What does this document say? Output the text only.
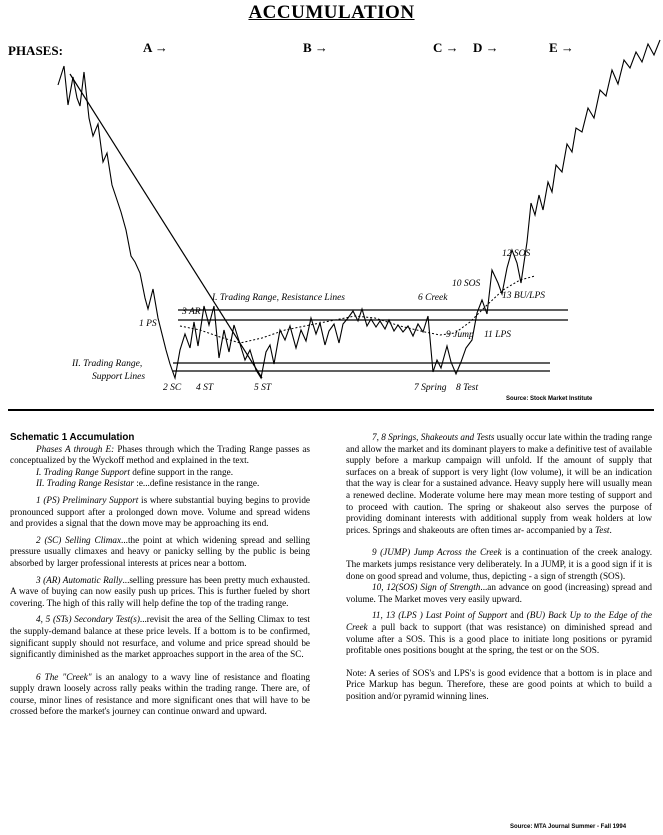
ACCUMULATION
PHASES:	A →	B →	C → D →	E →
1 PS
3 AR
I. Trading Range, Resistance Lines	6 Creek
10 SOS
12 SOS
13 BU/LPS
9 Jump 11 LPS
II. Trading Range,
Support Lines
2 SC 4 ST	5 ST	7 Spring 8 Test
Source: Stock Market Institute

Schematic 1 Accumulation

Phases A through E: Phases through which the Trading Range passes as conceptualized by the Wyckoff method and explained in the text.

I. Trading Range Support define support in the range.

II. Trading Range Resistar :e...define resistance in the range.

1 (PS) Preliminary Support is where substantial buying begins to provide pronounced support after a prolonged down move. Volume and spread widens and provides a signal that the down move may be approaching its end.

2 (SC) Selling Climax...the point at which widening spread and selling pressure usually climaxes and heavy or panicky selling by the public is being absorbed by larger professional interests at prices near a bottom.

3 (AR) Automatic Rally...selling pressure has been pretty much exhausted. A wave of buying can now easily push up prices. This is further fueled by short covering. The high of this rally will help define the top of the trading range.

4, 5 (STs) Secondary Test(s)...revisit the area of the Selling Climax to test the supply-demand balance at these price levels. If a bottom is to be confirmed, significant supply should not resurface, and volume and price spread should be significantly diminished as the market approaches support in the area of the SC.

6 The "Creek" is an analogy to a wavy line of resistance and floating supply drawn loosely across rally peaks within the trading range. There are, of course, minor lines of resistance and more significant ones that will have to be crossed before the market's journey can continue onward and upward.

7, 8 Springs, Shakeouts and Tests usually occur late within the trading range and allow the market and its dominant players to make a definitive test of available supply before a markup campaign will unfold. If the amount of supply that surfaces on a break of support is very light (low volume), it will be an indication that the way is clear for a sustained advance. Heavy supply here will usually mean a renewed decline. Moderate volume here may mean more testing of support and to proceed with caution. The spring or shakeout also serves the purpose of providing dominant interests with additional supply from weak holders at low prices. Springs and shakeouts are often times ar‐ accompanied by a Test.

9 (JUMP) Jump Across the Creek is a continuation of the creek analogy. The markets jumps resistance very deliberately. In a JUMP, it is a good sign if it is done on good spread and volume, thus, depicting - a sign of strength (SOS).

10, 12(SOS) Sign of Strength...an advance on good (increasing) spread and volume. The Market moves very easily upward.

11, 13 (LPS ) Last Point of Support and (BU) Back Up to the Edge of the Creek a pull back to support (that was resistance) on diminished spread and volume after a SOS. This is a good place to initiate long positions or pyramid profitable ones positions bought at the spring, the test or on the SOS.

Note: A series of SOS's and LPS's is good evidence that a bottom is in place and Price Markup has begun. Therefore, these are good points at which to build a position and/or pyramid winning lines.

Source: MTA Journal Summer - Fall 1994
